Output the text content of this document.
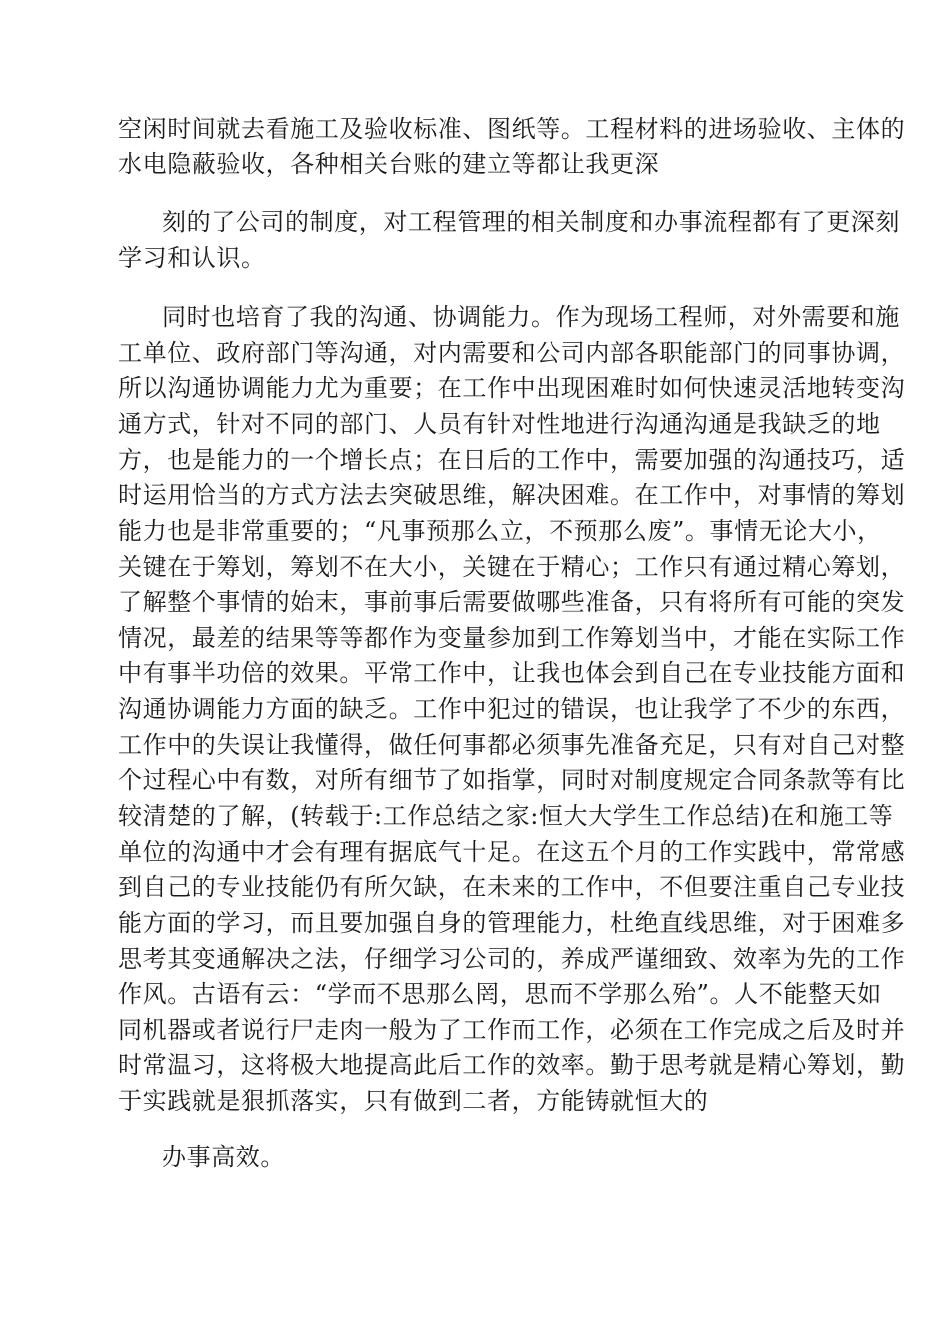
空闲时间就去看施工及验收标准、图纸等。工程材料的进场验收、主体的

水电隐蔽验收，各种相关台账的建立等都让我更深

刻的了公司的制度，对工程管理的相关制度和办事流程都有了更深刻

学习和认识。

同时也培育了我的沟通、协调能力。作为现场工程师，对外需要和施

工单位、政府部门等沟通，对内需要和公司内部各职能部门的同事协调，

所以沟通协调能力尤为重要；在工作中出现困难时如何快速灵活地转变沟

通方式，针对不同的部门、人员有针对性地进行沟通沟通是我缺乏的地

方，也是能力的一个增长点；在日后的工作中，需要加强的沟通技巧，适

时运用恰当的方式方法去突破思维，解决困难。在工作中，对事情的筹划

能力也是非常重要的；“凡事预那么立，不预那么废”。事情无论大小，

关键在于筹划，筹划不在大小，关键在于精心；工作只有通过精心筹划，

了解整个事情的始末，事前事后需要做哪些准备，只有将所有可能的突发

情况，最差的结果等等都作为变量参加到工作筹划当中，才能在实际工作

中有事半功倍的效果。平常工作中，让我也体会到自己在专业技能方面和

沟通协调能力方面的缺乏。工作中犯过的错误，也让我学了不少的东西，

工作中的失误让我懂得，做任何事都必须事先准备充足，只有对自己对整

个过程心中有数，对所有细节了如指掌，同时对制度规定合同条款等有比

较清楚的了解，(转载于:工作总结之家:恒大大学生工作总结)在和施工等

单位的沟通中才会有理有据底气十足。在这五个月的工作实践中，常常感

到自己的专业技能仍有所欠缺，在未来的工作中，不但要注重自己专业技

能方面的学习，而且要加强自身的管理能力，杜绝直线思维，对于困难多

思考其变通解决之法，仔细学习公司的，养成严谨细致、效率为先的工作

作风。古语有云：“学而不思那么罔，思而不学那么殆”。人不能整天如

同机器或者说行尸走肉一般为了工作而工作，必须在工作完成之后及时并

时常温习，这将极大地提高此后工作的效率。勤于思考就是精心筹划，勤

于实践就是狠抓落实，只有做到二者，方能铸就恒大的

办事高效。
